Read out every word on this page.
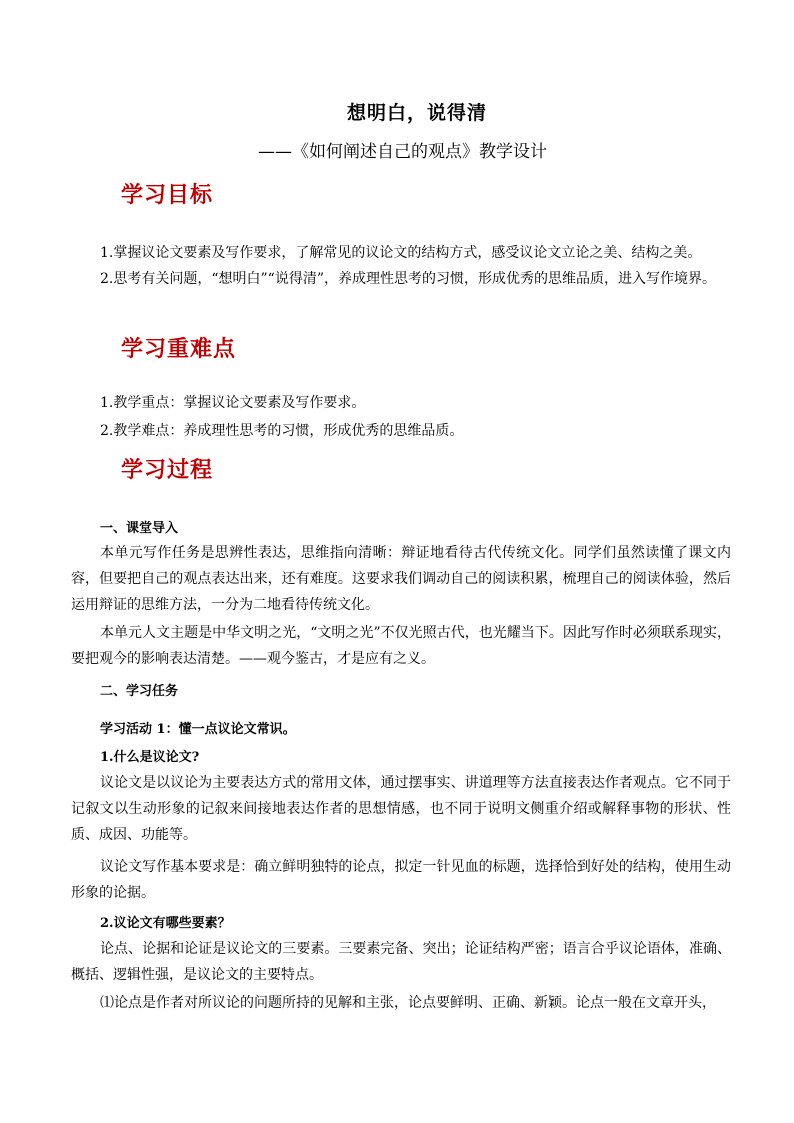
想明白，说得清
——《如何阐述自己的观点》教学设计
学习目标
1.掌握议论文要素及写作要求，了解常见的议论文的结构方式，感受议论文立论之美、结构之美。
2.思考有关问题，“想明白”“说得清”，养成理性思考的习惯，形成优秀的思维品质，进入写作境界。
学习重难点
1.教学重点：掌握议论文要素及写作要求。
2.教学难点：养成理性思考的习惯，形成优秀的思维品质。
学习过程
一、课堂导入
本单元写作任务是思辨性表达，思维指向清晰：辩证地看待古代传统文化。同学们虽然读懂了课文内容，但要把自己的观点表达出来，还有难度。这要求我们调动自己的阅读积累，梳理自己的阅读体验，然后运用辩证的思维方法，一分为二地看待传统文化。
本单元人文主题是中华文明之光，“文明之光”不仅光照古代，也光耀当下。因此写作时必须联系现实，要把观今的影响表达清楚。——观今鉴古，才是应有之义。
二、学习任务
学习活动 1：懂一点议论文常识。
1.什么是议论文?
议论文是以议论为主要表达方式的常用文体，通过摆事实、讲道理等方法直接表达作者观点。它不同于记叙文以生动形象的记叙来间接地表达作者的思想情感，也不同于说明文侧重介绍或解释事物的形状、性质、成因、功能等。
议论文写作基本要求是：确立鲜明独特的论点，拟定一针见血的标题，选择恰到好处的结构，使用生动形象的论据。
2.议论文有哪些要素？
论点、论据和论证是议论文的三要素。三要素完备、突出；论证结构严密；语言合乎议论语体，准确、概括、逻辑性强，是议论文的主要特点。
⑴论点是作者对所议论的问题所持的见解和主张，论点要鲜明、正确、新颖。论点一般在文章开头，
